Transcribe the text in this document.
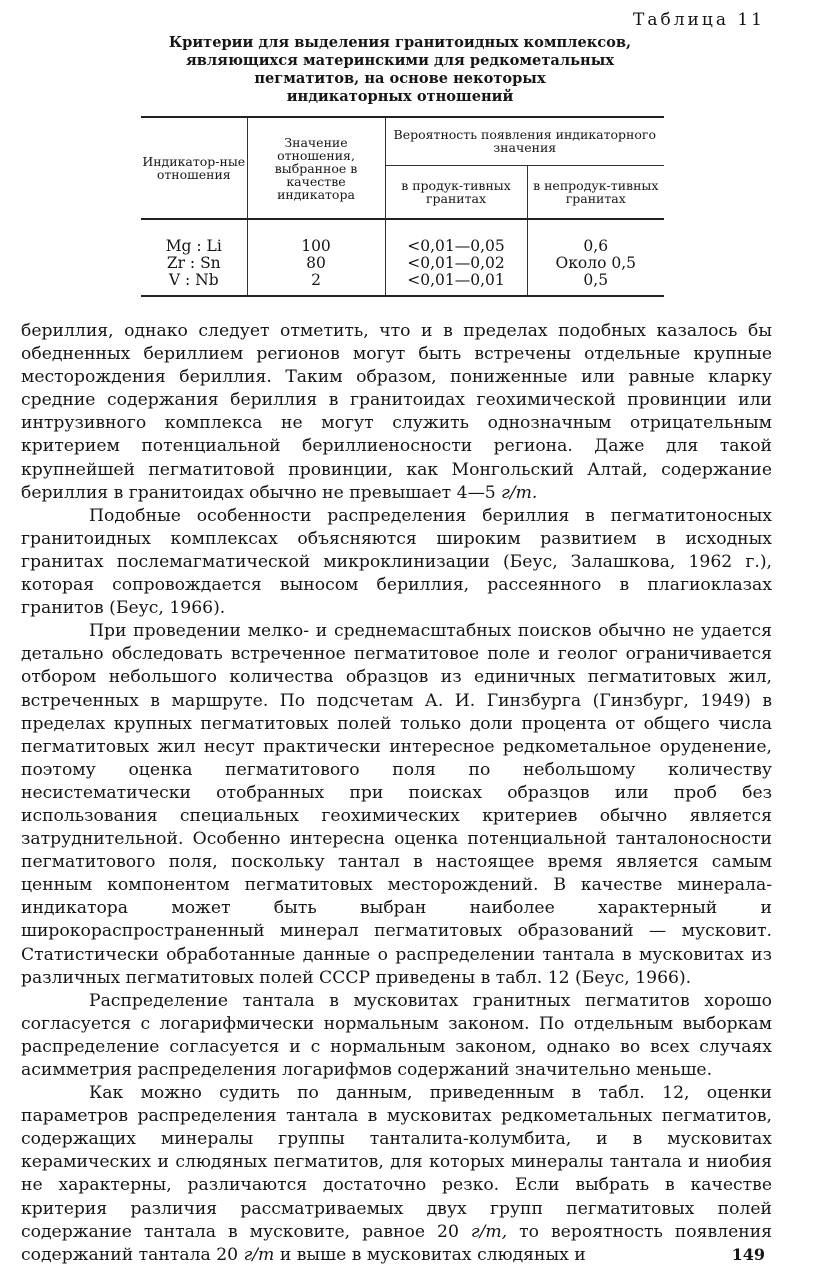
Таблица 11
Критерии для выделения гранитоидных комплексов,
являющихся материнскими для редкометальных
пегматитов, на основе некоторых
индикаторных отношений
Индикатор-ные отношения	Значение отношения, выбранное в качестве индикатора	Вероятность появления индикаторного значения	
		в продук-тивных гранитах	в непродук-тивных гранитах
Mg : Li	100	<0,01—0,05	0,6
Zr : Sn	80	<0,01—0,02	Около 0,5
V : Nb	2	<0,01—0,01	0,5

бериллия, однако следует отметить, что и в пределах подобных казалось бы обедненных бериллием регионов могут быть встречены отдельные крупные месторождения бериллия. Таким образом, пониженные или равные кларку средние содержания бериллия в гранитоидах геохимической провинции или интрузивного комплекса не могут служить однозначным отрицательным критерием потенциальной бериллиеносности региона. Даже для такой крупнейшей пегматитовой провинции, как Монгольский Алтай, содержание бериллия в гранитоидах обычно не превышает 4—5 г/т.

Подобные особенности распределения бериллия в пегматитоносных гранитоидных комплексах объясняются широким развитием в исходных гранитах послемагматической микроклинизации (Беус, Залашкова, 1962 г.), которая сопровождается выносом бериллия, рассеянного в плагиоклазах гранитов (Беус, 1966).

При проведении мелко- и среднемасштабных поисков обычно не удается детально обследовать встреченное пегматитовое поле и геолог ограничивается отбором небольшого количества образцов из единичных пегматитовых жил, встреченных в маршруте. По подсчетам А. И. Гинзбурга (Гинзбург, 1949) в пределах крупных пегматитовых полей только доли процента от общего числа пегматитовых жил несут практически интересное редкометальное оруденение, поэтому оценка пегматитового поля по небольшому количеству несистематически отобранных при поисках образцов или проб без использования специальных геохимических критериев обычно является затруднительной. Особенно интересна оценка потенциальной танталоносности пегматитового поля, поскольку тантал в настоящее время является самым ценным компонентом пегматитовых месторождений. В качестве минерала-индикатора может быть выбран наиболее характерный и широкораспространенный минерал пегматитовых образований — мусковит. Статистически обработанные данные о распределении тантала в мусковитах из различных пегматитовых полей СССР приведены в табл. 12 (Беус, 1966).

Распределение тантала в мусковитах гранитных пегматитов хорошо согласуется с логарифмически нормальным законом. По отдельным выборкам распределение согласуется и с нормальным законом, однако во всех случаях асимметрия распределения логарифмов содержаний значительно меньше.

Как можно судить по данным, приведенным в табл. 12, оценки параметров распределения тантала в мусковитах редкометальных пегматитов, содержащих минералы группы танталита-колумбита, и в мусковитах керамических и слюдяных пегматитов, для которых минералы тантала и ниобия не характерны, различаются достаточно резко. Если выбрать в качестве критерия различия рассматриваемых двух групп пегматитовых полей содержание тантала в мусковите, равное 20 г/т, то вероятность появления содержаний тантала 20 г/т и выше в мусковитах слюдяных и	149
